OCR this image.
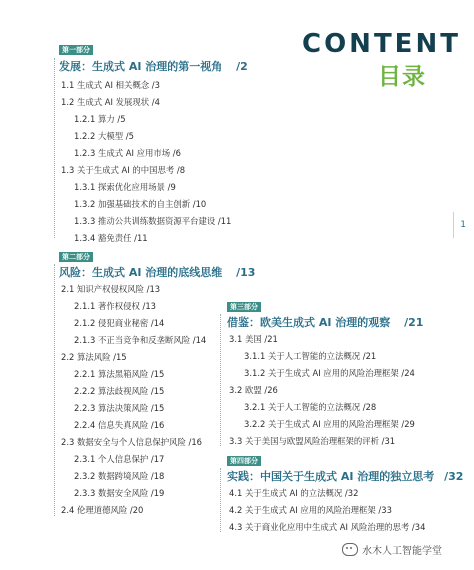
CONTENT
目录
1
第一部分
发展：生成式 AI 治理的第一视角 /2
1.1 生成式 AI 相关概念 /3
1.2 生成式 AI 发展现状 /4
1.2.1 算力 /5
1.2.2 大模型 /5
1.2.3 生成式 AI 应用市场 /6
1.3 关于生成式 AI 的中国思考 /8
1.3.1 探索优化应用场景 /9
1.3.2 加强基础技术的自主创新 /10
1.3.3 推动公共训练数据资源平台建设 /11
1.3.4 豁免责任 /11
第二部分
风险：生成式 AI 治理的底线思维 /13
2.1 知识产权侵权风险 /13
2.1.1 著作权侵权 /13
2.1.2 侵犯商业秘密 /14
2.1.3 不正当竞争和反垄断风险 /14
2.2 算法风险 /15
2.2.1 算法黑箱风险 /15
2.2.2 算法歧视风险 /15
2.2.3 算法决策风险 /15
2.2.4 信息失真风险 /16
2.3 数据安全与个人信息保护风险 /16
2.3.1 个人信息保护 /17
2.3.2 数据跨境风险 /18
2.3.3 数据安全风险 /19
2.4 伦理道德风险 /20
第三部分
借鉴：欧美生成式 AI 治理的观察 /21
3.1 美国 /21
3.1.1 关于人工智能的立法概况 /21
3.1.2 关于生成式 AI 应用的风险治理框架 /24
3.2 欧盟 /26
3.2.1 关于人工智能的立法概况 /28
3.2.2 关于生成式 AI 应用的风险治理框架 /29
3.3 关于美国与欧盟风险治理框架的评析 /31
第四部分
实践：中国关于生成式 AI 治理的独立思考 /32
4.1 关于生成式 AI 的立法概况 /32
4.2 关于生成式 AI 应用的风险治理框架 /33
4.3 关于商业化应用中生成式 AI 风险治理的思考 /34
水木人工智能学堂
